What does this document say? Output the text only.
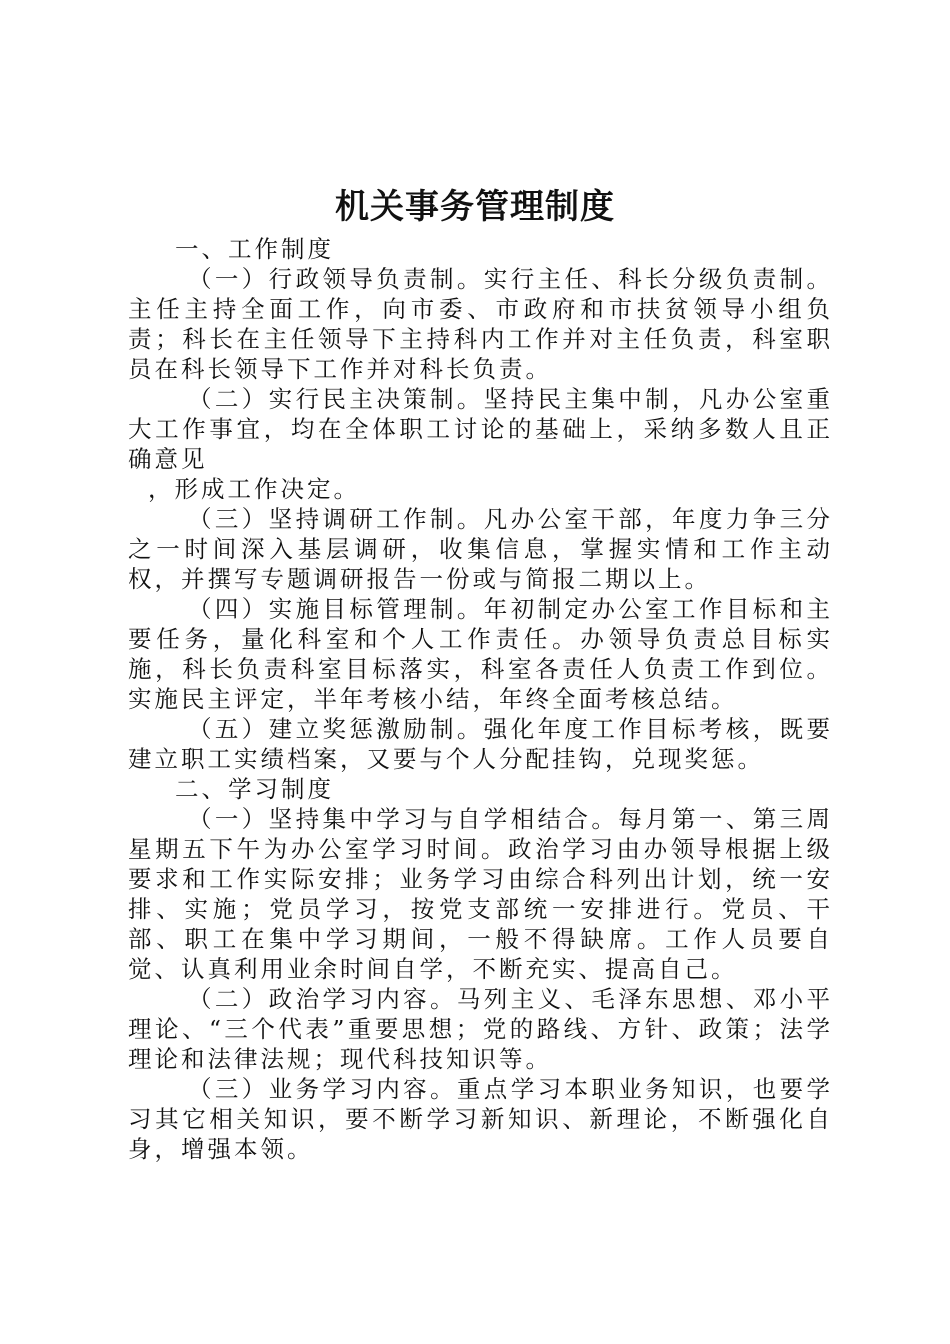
机关事务管理制度

一、工作制度

（一）行政领导负责制。实行主任、科长分级负责制。主任主持全面工作，向市委、市政府和市扶贫领导小组负责；科长在主任领导下主持科内工作并对主任负责，科室职员在科长领导下工作并对科长负责。

（二）实行民主决策制。坚持民主集中制，凡办公室重大工作事宜，均在全体职工讨论的基础上，采纳多数人且正确意见

，形成工作决定。

（三）坚持调研工作制。凡办公室干部，年度力争三分之一时间深入基层调研，收集信息，掌握实情和工作主动权，并撰写专题调研报告一份或与简报二期以上。

（四）实施目标管理制。年初制定办公室工作目标和主要任务，量化科室和个人工作责任。办领导负责总目标实施，科长负责科室目标落实，科室各责任人负责工作到位。实施民主评定，半年考核小结，年终全面考核总结。

（五）建立奖惩激励制。强化年度工作目标考核，既要建立职工实绩档案，又要与个人分配挂钩，兑现奖惩。

二、学习制度

（一）坚持集中学习与自学相结合。每月第一、第三周星期五下午为办公室学习时间。政治学习由办领导根据上级要求和工作实际安排；业务学习由综合科列出计划，统一安排、实施；党员学习，按党支部统一安排进行。党员、干部、职工在集中学习期间，一般不得缺席。工作人员要自觉、认真利用业余时间自学，不断充实、提高自己。

（二）政治学习内容。马列主义、毛泽东思想、邓小平理论、“三个代表”重要思想；党的路线、方针、政策；法学理论和法律法规；现代科技知识等。

（三）业务学习内容。重点学习本职业务知识，也要学习其它相关知识，要不断学习新知识、新理论，不断强化自身，增强本领。
